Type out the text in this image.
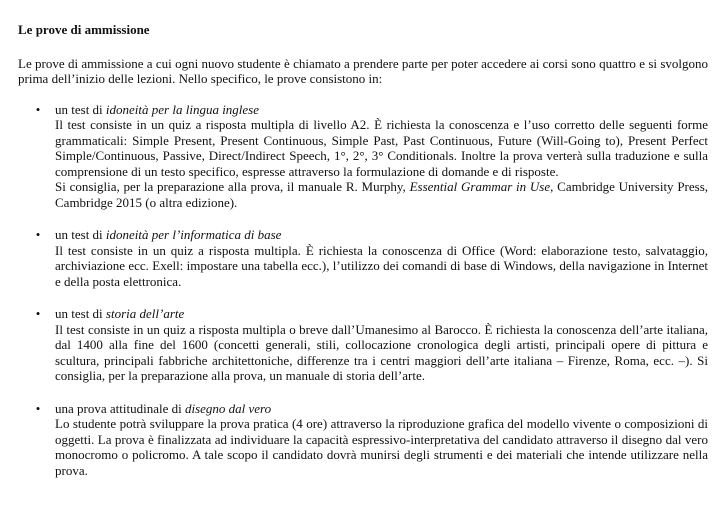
Le prove di ammissione

Le prove di ammissione a cui ogni nuovo studente è chiamato a prendere parte per poter accedere ai corsi sono quattro e si svolgono prima dell’inizio delle lezioni. Nello specifico, le prove consistono in:

• un test di idoneità per la lingua inglese

Il test consiste in un quiz a risposta multipla di livello A2. È richiesta la conoscenza e l’uso corretto delle seguenti forme grammaticali: Simple Present, Present Continuous, Simple Past, Past Continuous, Future (Will-Going to), Present Perfect Simple/Continuous, Passive, Direct/Indirect Speech, 1°, 2°, 3° Conditionals. Inoltre la prova verterà sulla traduzione e sulla comprensione di un testo specifico, espresse attraverso la formulazione di domande e di risposte.

Si consiglia, per la preparazione alla prova, il manuale R. Murphy, Essential Grammar in Use, Cambridge University Press, Cambridge 2015 (o altra edizione).

• un test di idoneità per l’informatica di base

Il test consiste in un quiz a risposta multipla. È richiesta la conoscenza di Office (Word: elaborazione testo, salvataggio, archiviazione ecc. Exell: impostare una tabella ecc.), l’utilizzo dei comandi di base di Windows, della navigazione in Internet e della posta elettronica.

• un test di storia dell’arte

Il test consiste in un quiz a risposta multipla o breve dall’Umanesimo al Barocco. È richiesta la conoscenza dell’arte italiana, dal 1400 alla fine del 1600 (concetti generali, stili, collocazione cronologica degli artisti, principali opere di pittura e scultura, principali fabbriche architettoniche, differenze tra i centri maggiori dell’arte italiana – Firenze, Roma, ecc. –). Si consiglia, per la preparazione alla prova, un manuale di storia dell’arte.

• una prova attitudinale di disegno dal vero

Lo studente potrà sviluppare la prova pratica (4 ore) attraverso la riproduzione grafica del modello vivente o composizioni di oggetti. La prova è finalizzata ad individuare la capacità espressivo-interpretativa del candidato attraverso il disegno dal vero monocromo o policromo. A tale scopo il candidato dovrà munirsi degli strumenti e dei materiali che intende utilizzare nella prova.
